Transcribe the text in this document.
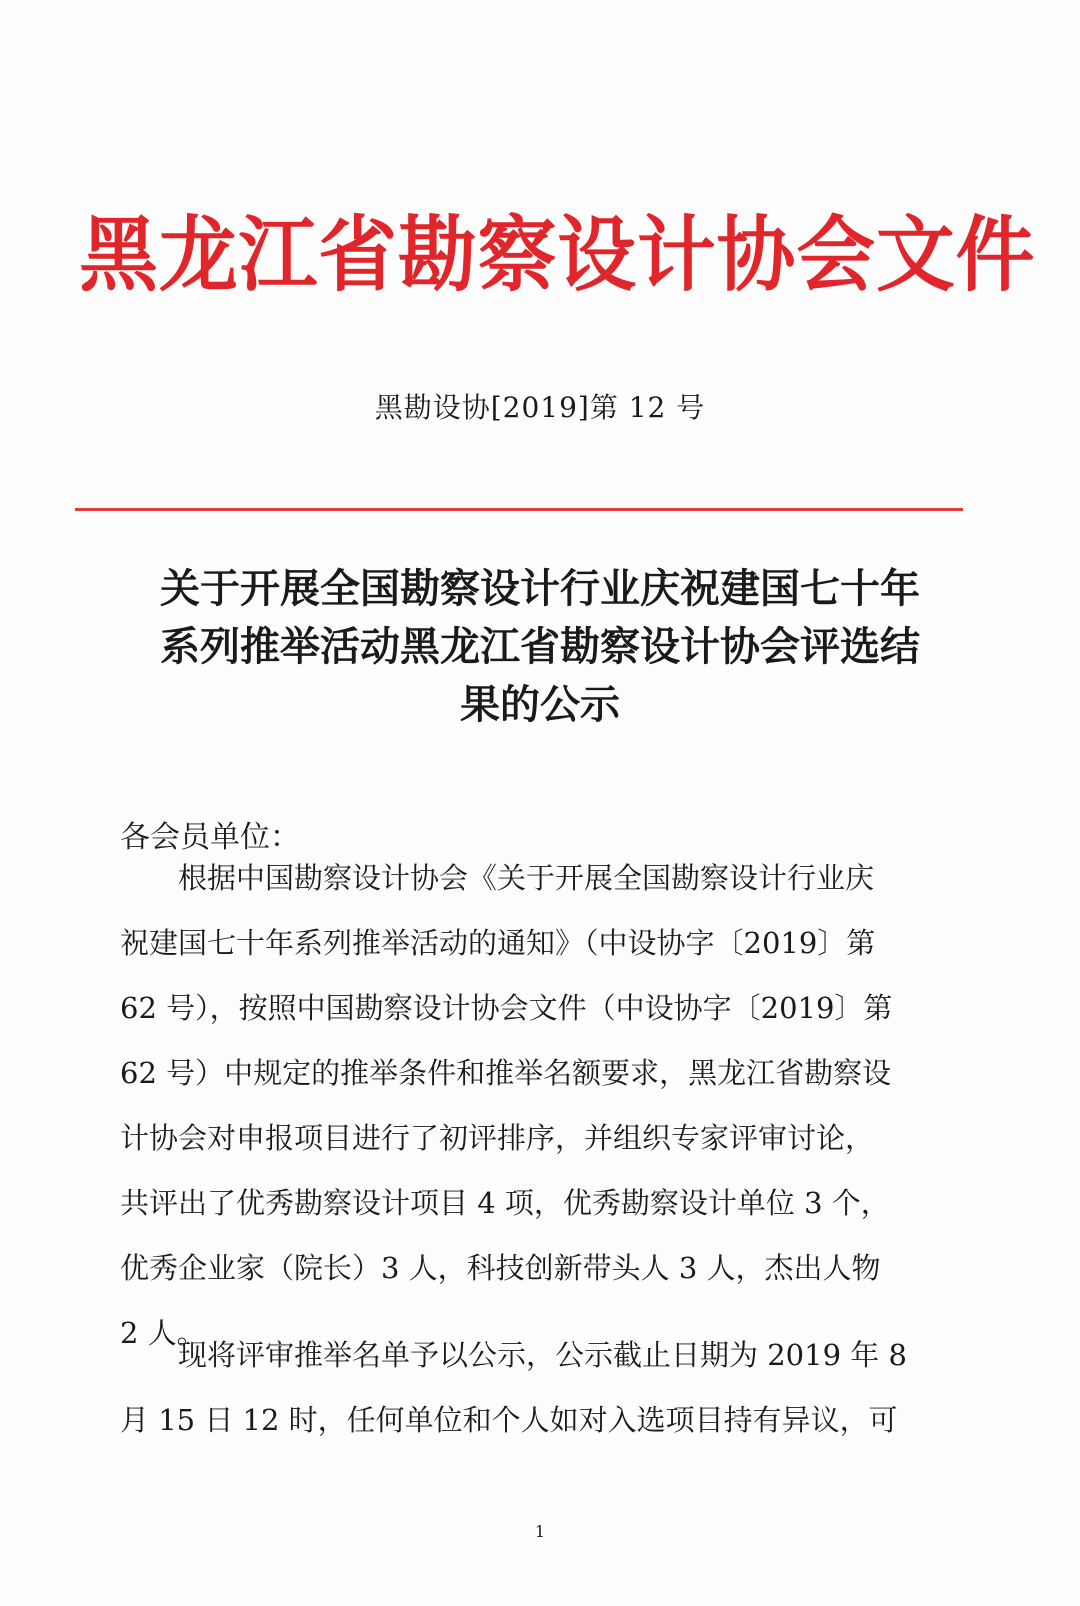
黑龙江省勘察设计协会文件
黑勘设协[2019]第 12 号
关于开展全国勘察设计行业庆祝建国七十年
系列推举活动黑龙江省勘察设计协会评选结
果的公示
各会员单位：
根据中国勘察设计协会《关于开展全国勘察设计行业庆
祝建国七十年系列推举活动的通知》（中设协字〔2019〕第
62 号），按照中国勘察设计协会文件（中设协字〔2019〕第
62 号）中规定的推举条件和推举名额要求，黑龙江省勘察设
计协会对申报项目进行了初评排序，并组织专家评审讨论，
共评出了优秀勘察设计项目 4 项，优秀勘察设计单位 3 个，
优秀企业家（院长）3 人，科技创新带头人 3 人，杰出人物
2 人。
现将评审推举名单予以公示，公示截止日期为 2019 年 8
月 15 日 12 时，任何单位和个人如对入选项目持有异议，可
1
